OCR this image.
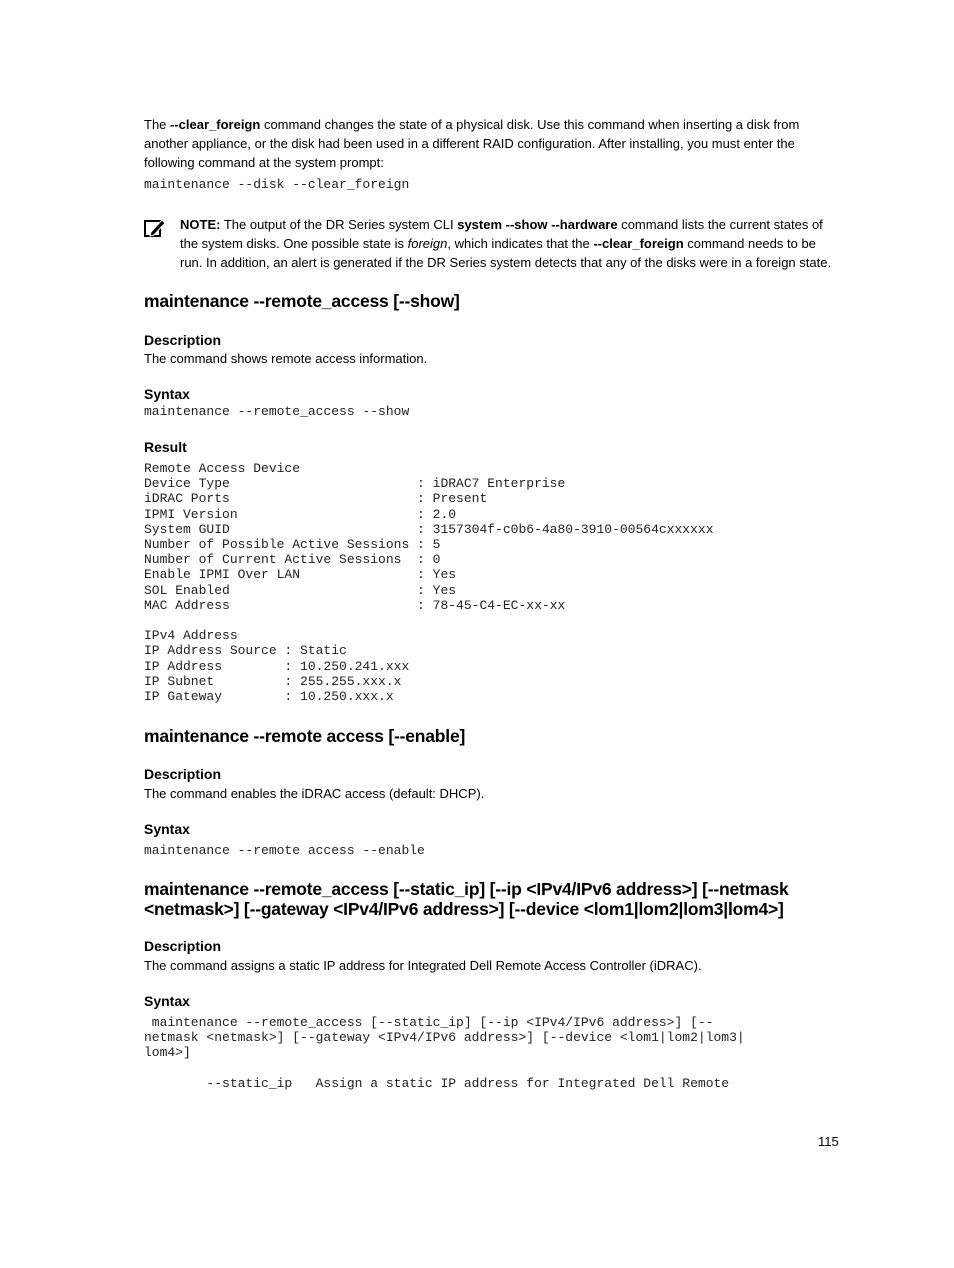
The --clear_foreign command changes the state of a physical disk. Use this command when inserting a disk from another appliance, or the disk had been used in a different RAID configuration. After installing, you must enter the following command at the system prompt:

maintenance --disk --clear_foreign

NOTE: The output of the DR Series system CLI system --show --hardware command lists the current states of the system disks. One possible state is foreign, which indicates that the --clear_foreign command needs to be run. In addition, an alert is generated if the DR Series system detects that any of the disks were in a foreign state.

maintenance --remote_access [--show]
Description

The command shows remote access information.

Syntax
maintenance --remote_access --show
Result
Remote Access Device
Device Type                        : iDRAC7 Enterprise
iDRAC Ports                        : Present
IPMI Version                       : 2.0
System GUID                        : 3157304f-c0b6-4a80-3910-00564cxxxxxx
Number of Possible Active Sessions : 5
Number of Current Active Sessions  : 0
Enable IPMI Over LAN               : Yes
SOL Enabled                        : Yes
MAC Address                        : 78-45-C4-EC-xx-xx

IPv4 Address
IP Address Source : Static
IP Address        : 10.250.241.xxx
IP Subnet         : 255.255.xxx.x
IP Gateway        : 10.250.xxx.x
maintenance --remote access [--enable]
Description

The command enables the iDRAC access (default: DHCP).

Syntax
maintenance --remote access --enable
maintenance --remote_access [--static_ip] [--ip <IPv4/IPv6 address>] [--netmask <netmask>] [--gateway <IPv4/IPv6 address>] [--device <lom1|lom2|lom3|lom4>]
Description

The command assigns a static IP address for Integrated Dell Remote Access Controller (iDRAC).

Syntax
maintenance --remote_access [--static_ip] [--ip <IPv4/IPv6 address>] [--
netmask <netmask>] [--gateway <IPv4/IPv6 address>] [--device <lom1|lom2|lom3|
lom4>]

--static_ip   Assign a static IP address for Integrated Dell Remote
115
